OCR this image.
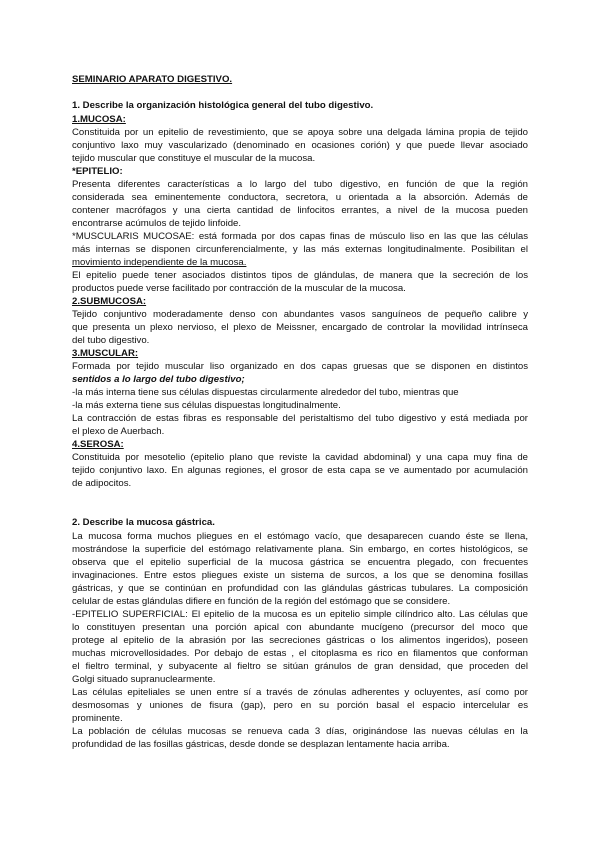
SEMINARIO APARATO DIGESTIVO.
1. Describe la organización histológica general del tubo digestivo.
1.MUCOSA:
Constituida por un epitelio de revestimiento, que se apoya sobre una delgada lámina propia de tejido
conjuntivo laxo muy vascularizado (denominado en ocasiones corión) y que puede llevar asociado
tejido muscular que constituye el muscular de la mucosa.
*EPITELIO:
Presenta diferentes características a lo largo del tubo digestivo, en función de que la región
considerada sea eminentemente conductora, secretora, u orientada a la absorción. Además de
contener macrófagos y una cierta cantidad de linfocitos errantes, a nivel de la mucosa pueden
encontrarse acúmulos de tejido linfoide.
*MUSCULARIS MUCOSAE: está formada por dos capas finas de músculo liso en las que las células
más internas se disponen circunferencialmente, y las más externas longitudinalmente. Posibilitan el
movimiento independiente de la mucosa.
El epitelio puede tener asociados distintos tipos de glándulas, de manera que la secreción de los
productos puede verse facilitado por contracción de la muscular de la mucosa.
2.SUBMUCOSA:
Tejido conjuntivo moderadamente denso con abundantes vasos sanguíneos de pequeño calibre y
que presenta un plexo nervioso, el plexo de Meissner, encargado de controlar la movilidad intrínseca
del tubo digestivo.
3.MUSCULAR:
Formada por tejido muscular liso organizado en dos capas gruesas que se disponen en distintos
sentidos a lo largo del tubo digestivo;
-la más interna tiene sus células dispuestas circularmente alrededor del tubo, mientras que
-la más externa tiene sus células dispuestas longitudinalmente.
La contracción de estas fibras es responsable del peristaltismo del tubo digestivo y está mediada por
el plexo de Auerbach.
4.SEROSA:
Constituida por mesotelio (epitelio plano que reviste la cavidad abdominal) y una capa muy fina de
tejido conjuntivo laxo. En algunas regiones, el grosor de esta capa se ve aumentado por acumulación
de adipocitos.
2. Describe la mucosa gástrica.
La mucosa forma muchos pliegues en el estómago vacío, que desaparecen cuando éste se llena,
mostrándose la superficie del estómago relativamente plana. Sin embargo, en cortes histológicos, se
observa que el epitelio superficial de la mucosa gástrica se encuentra plegado, con frecuentes
invaginaciones. Entre estos pliegues existe un sistema de surcos, a los que se denomina fosillas
gástricas, y que se continúan en profundidad con las glándulas gástricas tubulares. La composición
celular de estas glándulas difiere en función de la región del estómago que se considere.
-EPITELIO SUPERFICIAL: El epitelio de la mucosa es un epitelio simple cilíndrico alto. Las células que
lo constituyen presentan una porción apical con abundante mucígeno (precursor del moco que
protege al epitelio de la abrasión por las secreciones gástricas o los alimentos ingeridos), poseen
muchas microvellosidades. Por debajo de estas , el citoplasma es rico en filamentos que conforman
el fieltro terminal, y subyacente al fieltro se sitúan gránulos de gran densidad, que proceden del
Golgi situado supranuclearmente.
Las células epiteliales se unen entre sí a través de zónulas adherentes y ocluyentes, así como por
desmosomas y uniones de fisura (gap), pero en su porción basal el espacio intercelular es
prominente.
La población de células mucosas se renueva cada 3 días, originándose las nuevas células en la
profundidad de las fosillas gástricas, desde donde se desplazan lentamente hacia arriba.
